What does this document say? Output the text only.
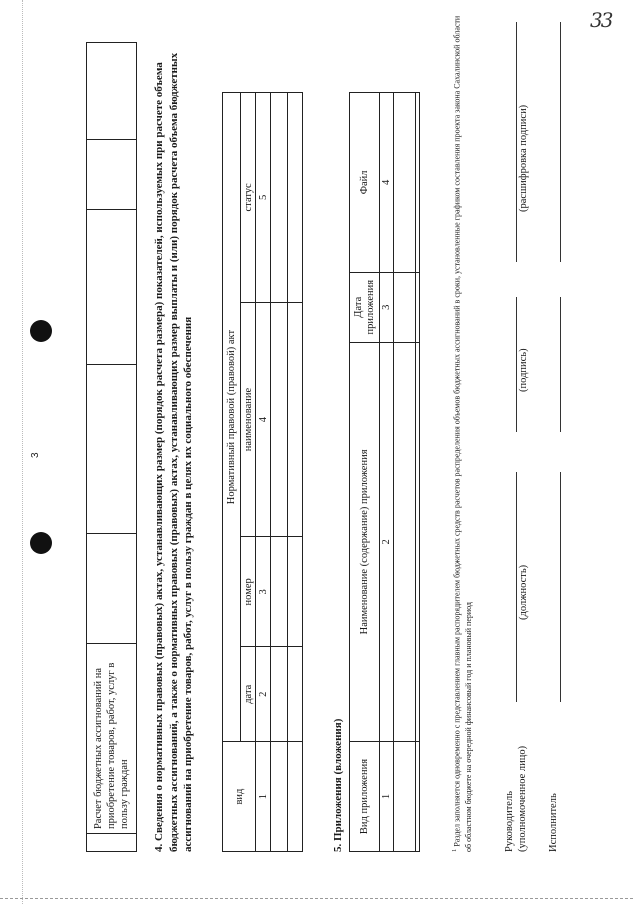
33
3
	Расчет бюджетных ассигнований на приобретение товаров, работ, услуг в пользу граждан					4. Сведения о нормативных правовых (правовых) актах, устанавливающих размер (порядок расчета размера) показателей, используемых при расчете объема бюджетных ассигнований, а также о нормативных правовых (правовых) актах, устанавливающих размер выплаты и (или) порядок расчета объема бюджетных ассигнований на приобретение товаров, работ, услуг в пользу граждан в целях их социального обеспечения	вид	Нормативный правовой (правовой) акт			
	дата	номер	наименование	статус
1	2	3	4	5

5. Приложения (вложения) Вид приложения	Наименование (содержание) приложения	Дата приложения	Файл
1	2	3	4

$^1$ Раздел заполняется одновременно с представлением главным распорядителем бюджетных средств расчетов распределения объемов бюджетных ассигнований в сроки, установленные графиком составления проекта закона Сахалинской области об областном бюджете на очередной финансовый год и плановый период	Руководитель (уполномоченное лицо)
(должность)
(подпись)
(расшифровка подписи)
Исполнитель
